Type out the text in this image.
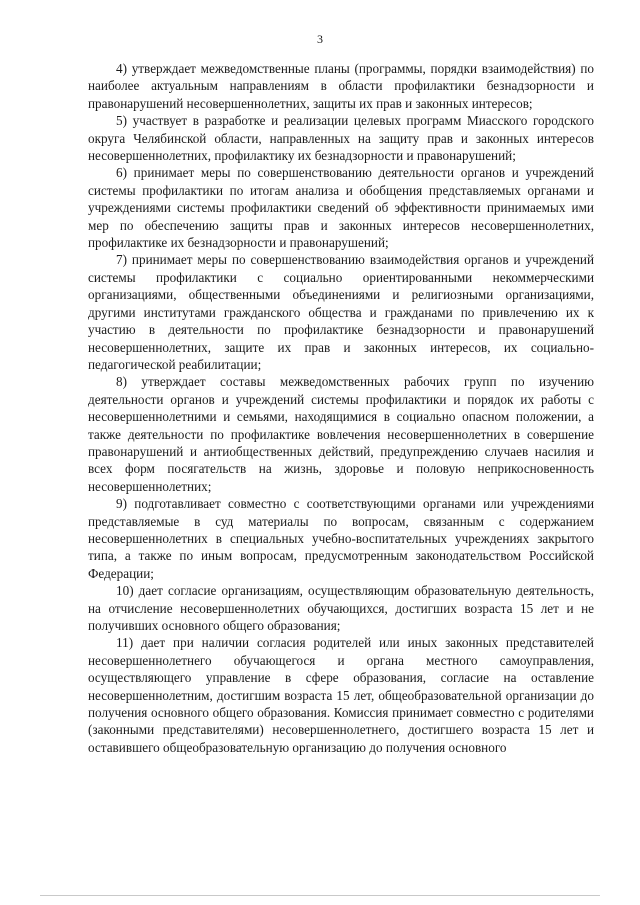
3

4) утверждает межведомственные планы (программы, порядки взаимодействия) по наиболее актуальным направлениям в области профилактики безнадзорности и правонарушений несовершеннолетних, защиты их прав и законных интересов;

5) участвует в разработке и реализации целевых программ Миасского городского округа Челябинской области, направленных на защиту прав и законных интересов несовершеннолетних, профилактику их безнадзорности и правонарушений;

6) принимает меры по совершенствованию деятельности органов и учреждений системы профилактики по итогам анализа и обобщения представляемых органами и учреждениями системы профилактики сведений об эффективности принимаемых ими мер по обеспечению защиты прав и законных интересов несовершеннолетних, профилактике их безнадзорности и правонарушений;

7) принимает меры по совершенствованию взаимодействия органов и учреждений системы профилактики с социально ориентированными некоммерческими организациями, общественными объединениями и религиозными организациями, другими институтами гражданского общества и гражданами по привлечению их к участию в деятельности по профилактике безнадзорности и правонарушений несовершеннолетних, защите их прав и законных интересов, их социально-педагогической реабилитации;

8) утверждает составы межведомственных рабочих групп по изучению деятельности органов и учреждений системы профилактики и порядок их работы с несовершеннолетними и семьями, находящимися в социально опасном положении, а также деятельности по профилактике вовлечения несовершеннолетних в совершение правонарушений и антиобщественных действий, предупреждению случаев насилия и всех форм посягательств на жизнь, здоровье и половую неприкосновенность несовершеннолетних;

9) подготавливает совместно с соответствующими органами или учреждениями представляемые в суд материалы по вопросам, связанным с содержанием несовершеннолетних в специальных учебно-воспитательных учреждениях закрытого типа, а также по иным вопросам, предусмотренным законодательством Российской Федерации;

10) дает согласие организациям, осуществляющим образовательную деятельность, на отчисление несовершеннолетних обучающихся, достигших возраста 15 лет и не получивших основного общего образования;

11) дает при наличии согласия родителей или иных законных представителей несовершеннолетнего обучающегося и органа местного самоуправления, осуществляющего управление в сфере образования, согласие на оставление несовершеннолетним, достигшим возраста 15 лет, общеобразовательной организации до получения основного общего образования. Комиссия принимает совместно с родителями (законными представителями) несовершеннолетнего, достигшего возраста 15 лет и оставившего общеобразовательную организацию до получения основного
